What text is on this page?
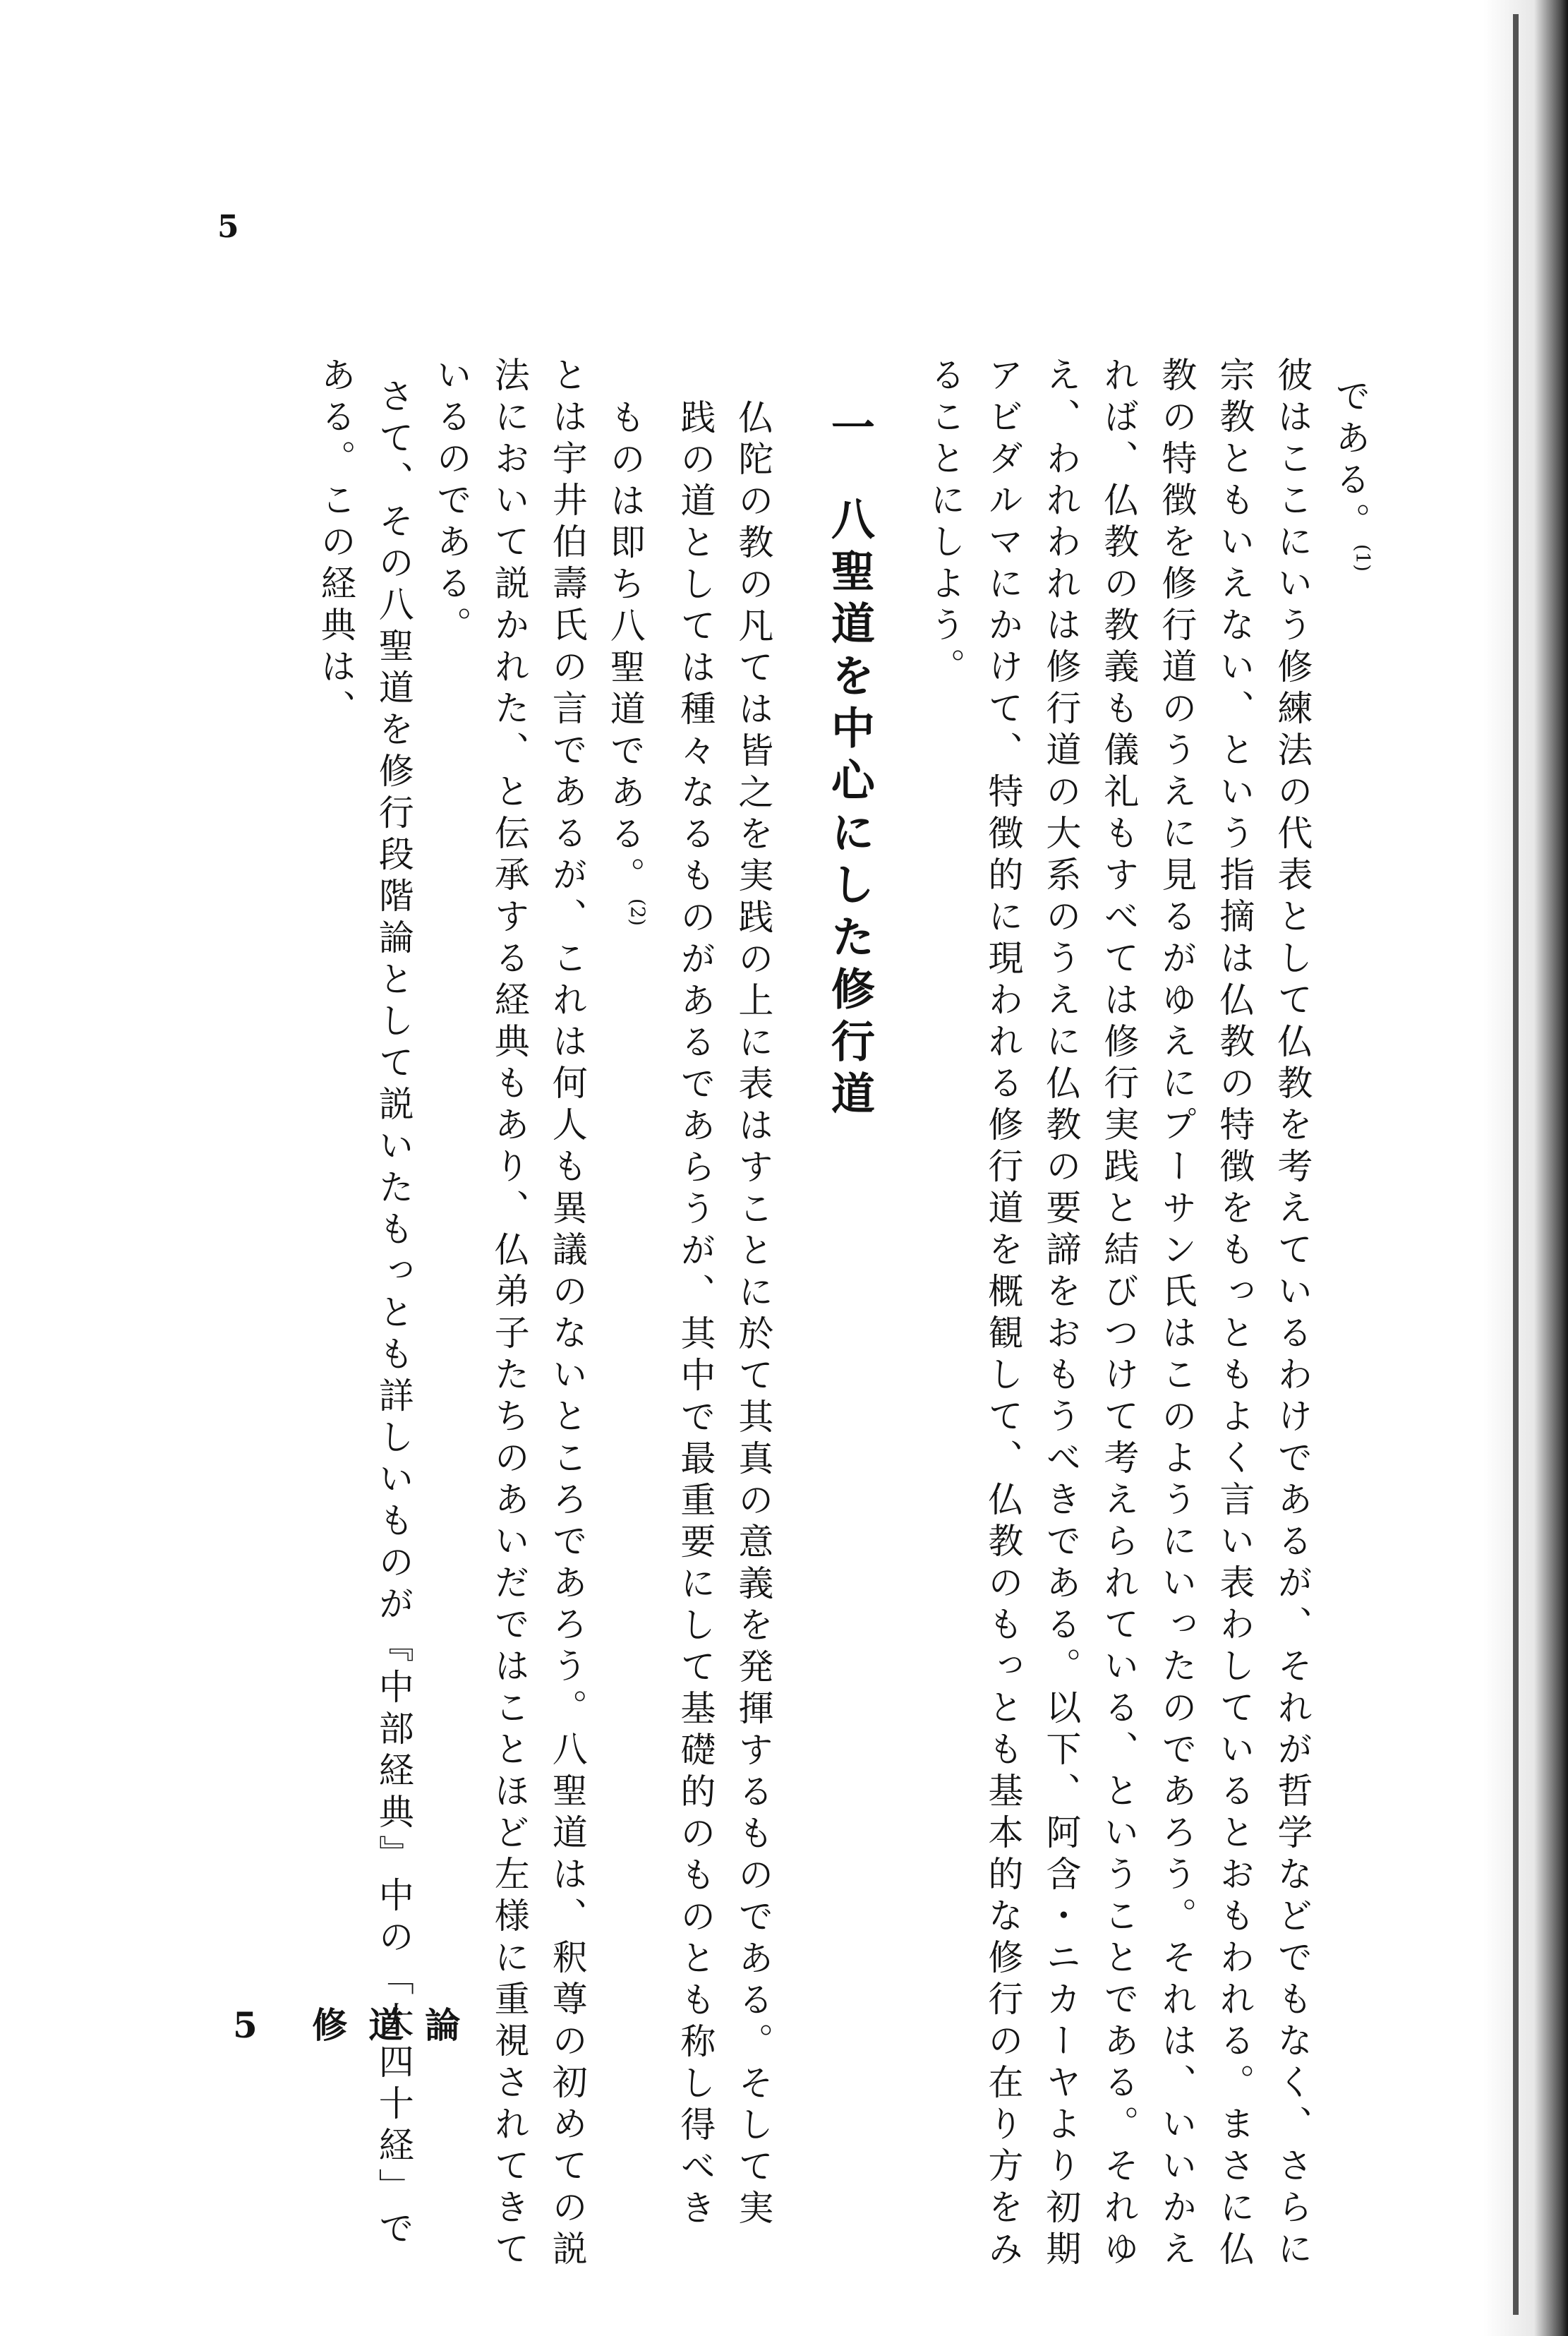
5

である。$^{(1)}$

彼はここにいう修練法の代表として仏教を考えているわけであるが、それが哲学などでもなく、さらに

宗教ともいえない、という指摘は仏教の特徴をもっともよく言い表わしているとおもわれる。まさに仏

教の特徴を修行道のうえに見るがゆえにプーサン氏はこのようにいったのであろう。それは、いいかえ

れば、仏教の教義も儀礼もすべては修行実践と結びつけて考えられている、ということである。それゆ

え、われわれは修行道の大系のうえに仏教の要諦をおもうべきである。以下、阿含・ニカーヤより初期

アビダルマにかけて、特徴的に現われる修行道を概観して、仏教のもっとも基本的な修行の在り方をみ

ることにしよう。

一八聖道を中心にした修行道

仏陀の教の凡ては皆之を実践の上に表はすことに於て其真の意義を発揮するものである。そして実

践の道としては種々なるものがあるであらうが、其中で最重要にして基礎的のものとも称し得べき

ものは即ち八聖道である。$^{(2)}$

とは宇井伯壽氏の言であるが、これは何人も異議のないところであろう。八聖道は、釈尊の初めての説

法において説かれた、と伝承する経典もあり、仏弟子たちのあいだではことほど左様に重視されてきて

いるのである。

さて、その八聖道を修行段階論として説いたもっとも詳しいものが『中部経典』中の「大四十経」で

ある。この経典は、

5 修道論
